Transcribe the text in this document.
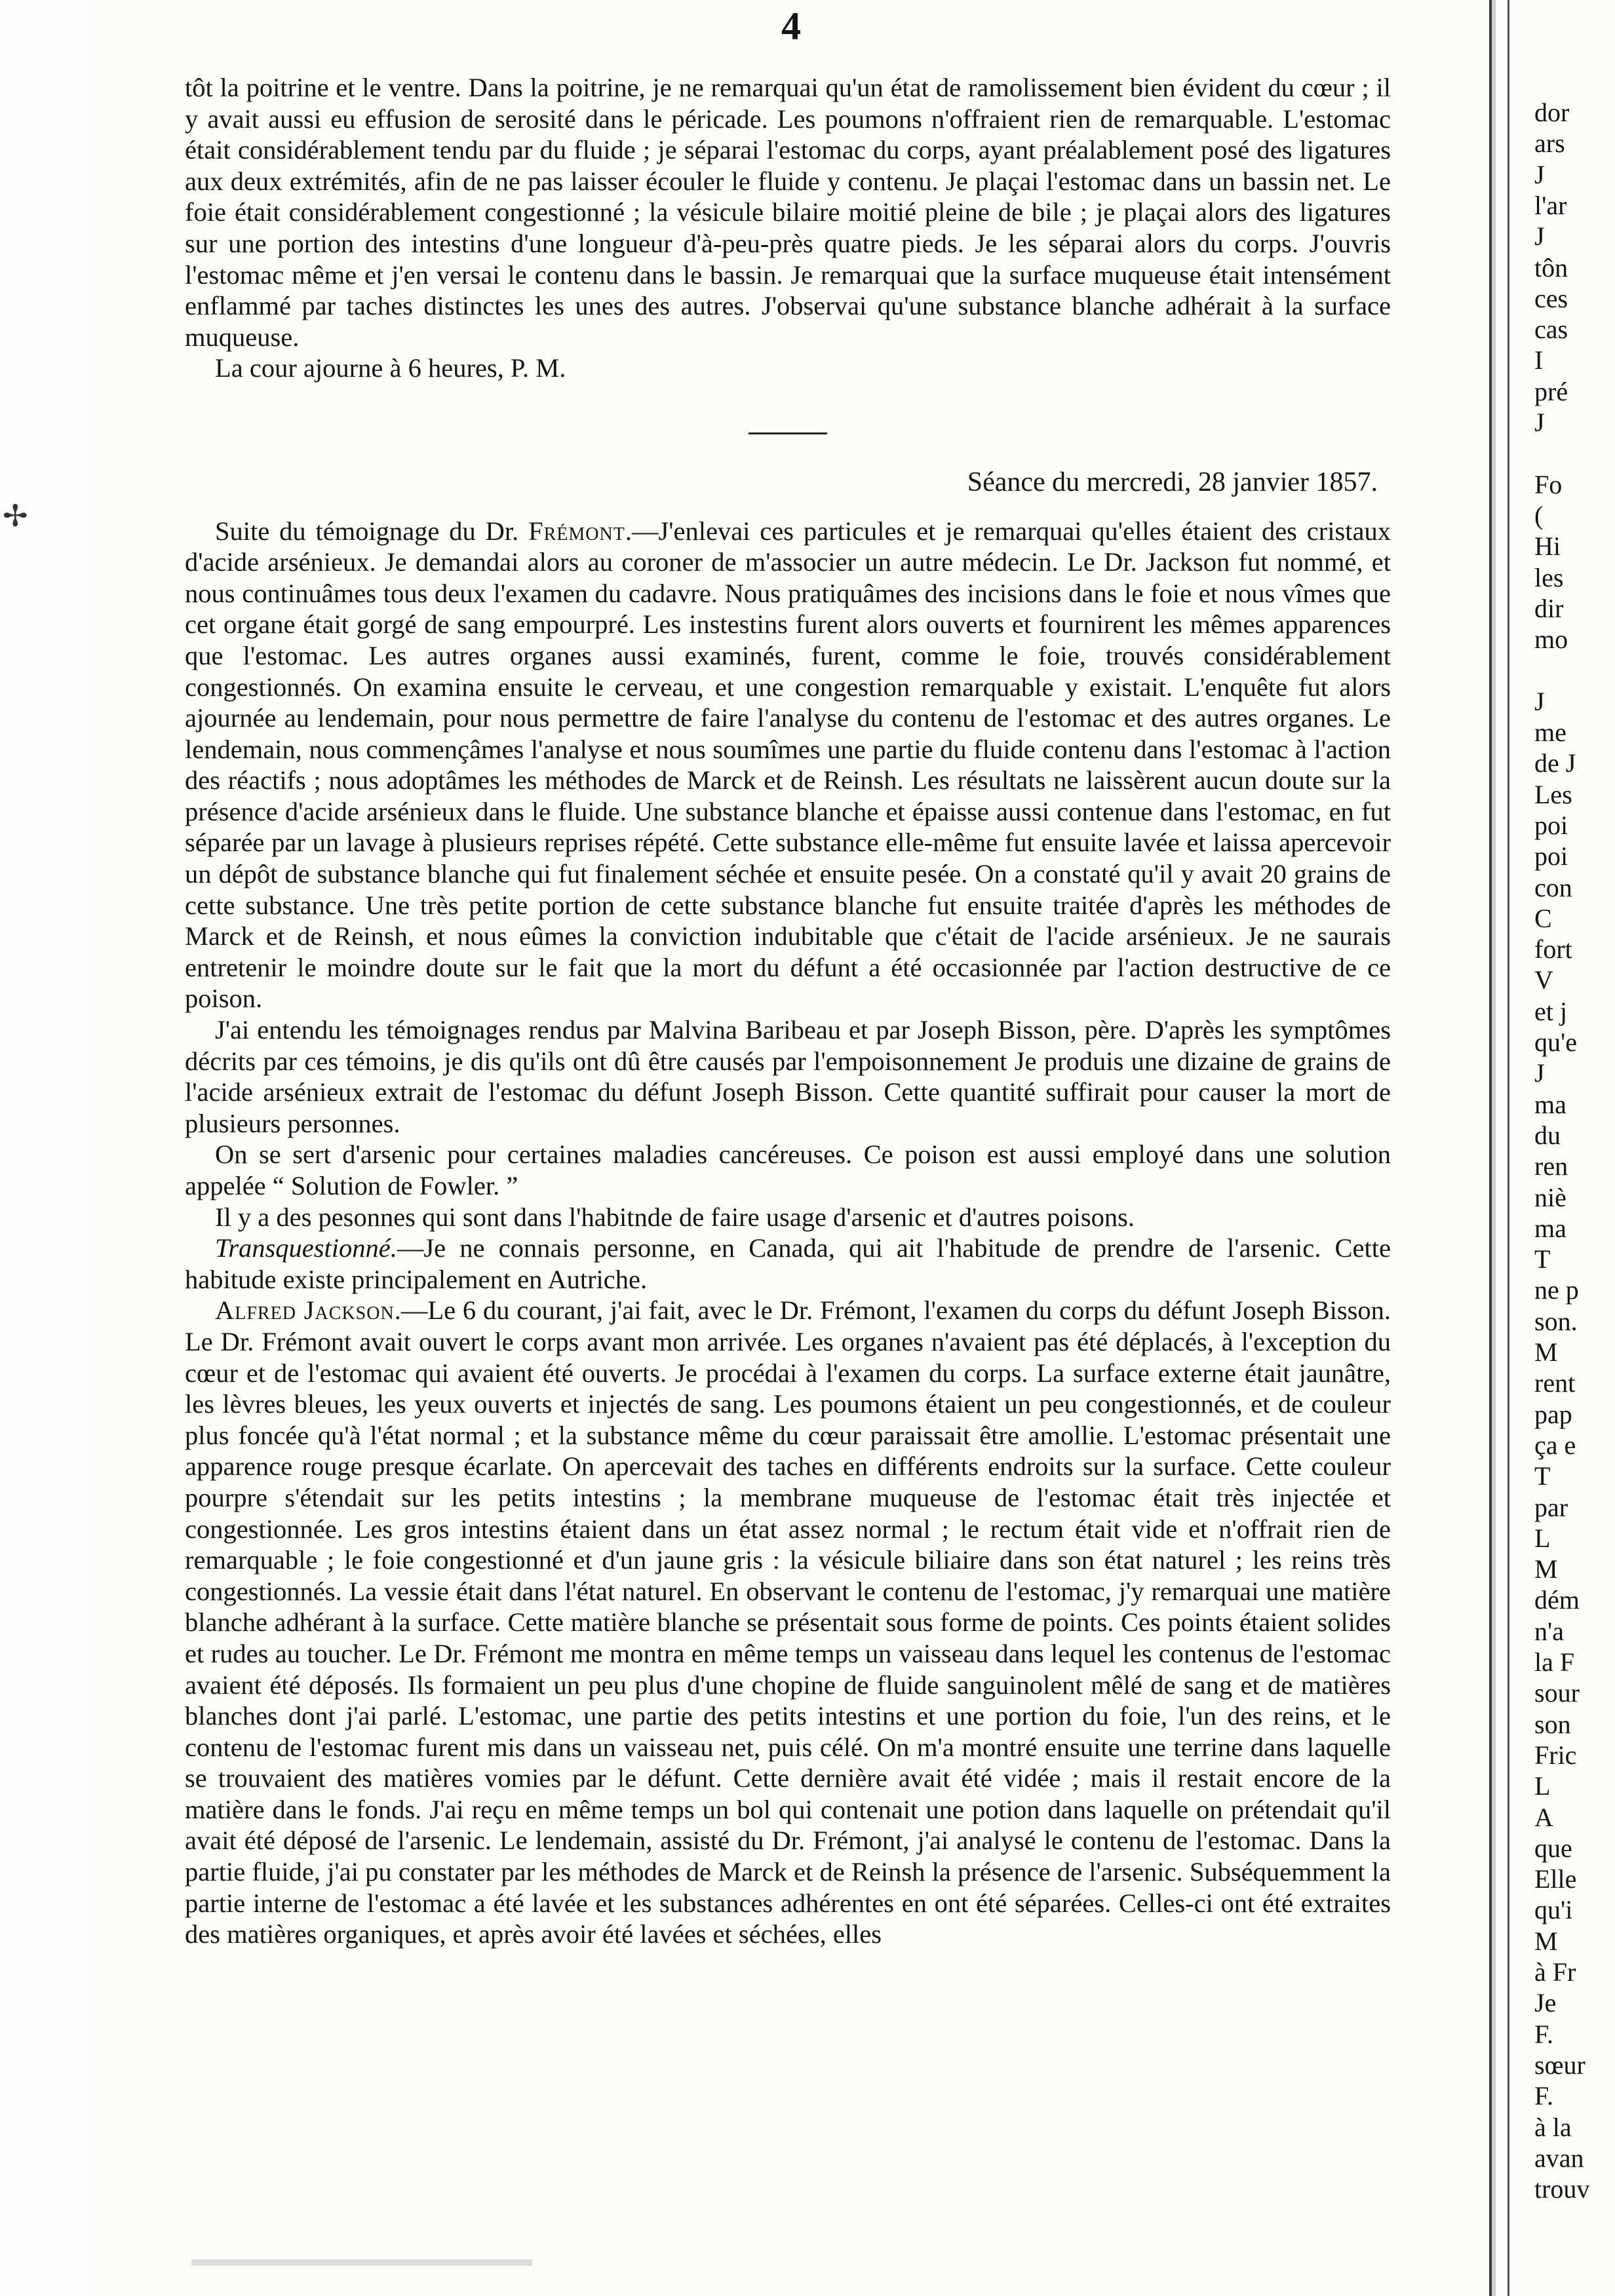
✢
4

tôt la poitrine et le ventre. Dans la poitrine, je ne remarquai qu'un état de ramolissement bien évident du cœur ; il y avait aussi eu effusion de serosité dans le péricade. Les poumons n'offraient rien de remarquable. L'estomac était considérablement tendu par du fluide ; je séparai l'estomac du corps, ayant préalablement posé des ligatures aux deux extrémités, afin de ne pas laisser écouler le fluide y contenu. Je plaçai l'estomac dans un bassin net. Le foie était considérablement congestionné ; la vésicule bilaire moitié pleine de bile ; je plaçai alors des ligatures sur une portion des intestins d'une longueur d'à-peu-près quatre pieds. Je les séparai alors du corps. J'ouvris l'estomac même et j'en versai le contenu dans le bassin. Je remarquai que la surface muqueuse était intensément enflammé par taches distinctes les unes des autres. J'observai qu'une substance blanche adhérait à la surface muqueuse.

La cour ajourne à 6 heures, P. M.

Séance du mercredi, 28 janvier 1857.

Suite du témoignage du Dr. Frémont.—J'enlevai ces particules et je remarquai qu'elles étaient des cristaux d'acide arsénieux. Je demandai alors au coroner de m'associer un autre médecin. Le Dr. Jackson fut nommé, et nous continuâmes tous deux l'examen du cadavre. Nous pratiquâmes des incisions dans le foie et nous vîmes que cet organe était gorgé de sang empourpré. Les instestins furent alors ouverts et fournirent les mêmes apparences que l'estomac. Les autres organes aussi examinés, furent, comme le foie, trouvés considérablement congestionnés. On examina ensuite le cerveau, et une congestion remarquable y existait. L'enquête fut alors ajournée au lendemain, pour nous permettre de faire l'analyse du contenu de l'estomac et des autres organes. Le lendemain, nous commençâmes l'analyse et nous soumîmes une partie du fluide contenu dans l'estomac à l'action des réactifs ; nous adoptâmes les méthodes de Marck et de Reinsh. Les résultats ne laissèrent aucun doute sur la présence d'acide arsénieux dans le fluide. Une substance blanche et épaisse aussi contenue dans l'estomac, en fut séparée par un lavage à plusieurs reprises répété. Cette substance elle-même fut ensuite lavée et laissa apercevoir un dépôt de substance blanche qui fut finalement séchée et ensuite pesée. On a constaté qu'il y avait 20 grains de cette substance. Une très petite portion de cette substance blanche fut ensuite traitée d'après les méthodes de Marck et de Reinsh, et nous eûmes la conviction indubitable que c'était de l'acide arsénieux. Je ne saurais entretenir le moindre doute sur le fait que la mort du défunt a été occasionnée par l'action destructive de ce poison.

J'ai entendu les témoignages rendus par Malvina Baribeau et par Joseph Bisson, père. D'après les symptômes décrits par ces témoins, je dis qu'ils ont dû être causés par l'empoisonnement Je produis une dizaine de grains de l'acide arsénieux extrait de l'estomac du défunt Joseph Bisson. Cette quantité suffirait pour causer la mort de plusieurs personnes.

On se sert d'arsenic pour certaines maladies cancéreuses. Ce poison est aussi employé dans une solution appelée “ Solution de Fowler. ”

Il y a des pesonnes qui sont dans l'habitnde de faire usage d'arsenic et d'autres poisons.

Transquestionné.—Je ne connais personne, en Canada, qui ait l'habitude de prendre de l'arsenic. Cette habitude existe principalement en Autriche.

Alfred Jackson.—Le 6 du courant, j'ai fait, avec le Dr. Frémont, l'examen du corps du défunt Joseph Bisson. Le Dr. Frémont avait ouvert le corps avant mon arrivée. Les organes n'avaient pas été déplacés, à l'exception du cœur et de l'estomac qui avaient été ouverts. Je procédai à l'examen du corps. La surface externe était jaunâtre, les lèvres bleues, les yeux ouverts et injectés de sang. Les poumons étaient un peu congestionnés, et de couleur plus foncée qu'à l'état normal ; et la substance même du cœur paraissait être amollie. L'estomac présentait une apparence rouge presque écarlate. On apercevait des taches en différents endroits sur la surface. Cette couleur pourpre s'étendait sur les petits intestins ; la membrane muqueuse de l'estomac était très injectée et congestionnée. Les gros intestins étaient dans un état assez normal ; le rectum était vide et n'offrait rien de remarquable ; le foie congestionné et d'un jaune gris : la vésicule biliaire dans son état naturel ; les reins très congestionnés. La vessie était dans l'état naturel. En observant le contenu de l'estomac, j'y remarquai une matière blanche adhérant à la surface. Cette matière blanche se présentait sous forme de points. Ces points étaient solides et rudes au toucher. Le Dr. Frémont me montra en même temps un vaisseau dans lequel les contenus de l'estomac avaient été déposés. Ils formaient un peu plus d'une chopine de fluide sanguinolent mêlé de sang et de matières blanches dont j'ai parlé. L'estomac, une partie des petits intestins et une portion du foie, l'un des reins, et le contenu de l'estomac furent mis dans un vaisseau net, puis célé. On m'a montré ensuite une terrine dans laquelle se trouvaient des matières vomies par le défunt. Cette dernière avait été vidée ; mais il restait encore de la matière dans le fonds. J'ai reçu en même temps un bol qui contenait une potion dans laquelle on prétendait qu'il avait été déposé de l'arsenic. Le lendemain, assisté du Dr. Frémont, j'ai analysé le contenu de l'estomac. Dans la partie fluide, j'ai pu constater par les méthodes de Marck et de Reinsh la présence de l'arsenic. Subséquemment la partie interne de l'estomac a été lavée et les substances adhérentes en ont été séparées. Celles-ci ont été extraites des matières organiques, et après avoir été lavées et séchées, elles

dor
ars
J
l'ar
J
tôn
ces
cas
I
pré
J
Fo
(
Hi
les
dir
mo
J
me
de J
Les
poi
poi
con
C
fort
V
et j
qu'e
J
ma
du
ren
niè
ma
T
ne p
son.
M
rent
pap
ça e
T
par
L
M
dém
n'a
la F
sour
son
Fric
L
A
que
Elle
qu'i
M
à Fr
Je
F.
sœur
F.
à la
avan
trouv
